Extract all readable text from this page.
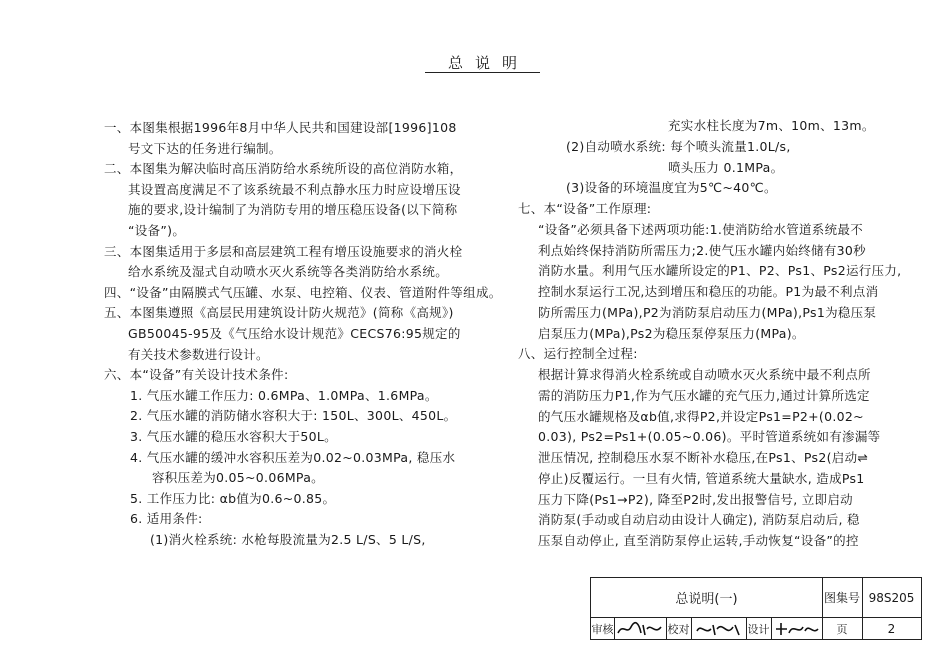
总说明
一、本图集根据1996年8月中华人民共和国建设部[1996]108
号文下达的任务进行编制。
二、本图集为解决临时高压消防给水系统所设的高位消防水箱，
其设置高度满足不了该系统最不利点静水压力时应设增压设
施的要求,设计编制了为消防专用的增压稳压设备(以下简称
“设备”)。
三、本图集适用于多层和高层建筑工程有增压设施要求的消火栓
给水系统及湿式自动喷水灭火系统等各类消防给水系统。
四、“设备”由隔膜式气压罐、水泵、电控箱、仪表、管道附件等组成。
五、本图集遵照《高层民用建筑设计防火规范》(简称《高规》)
GB50045-95及《气压给水设计规范》CECS76:95规定的
有关技术参数进行设计。
六、本“设备”有关设计技术条件:
1. 气压水罐工作压力: 0.6MPa、1.0MPa、1.6MPa。
2. 气压水罐的消防储水容积大于: 150L、300L、450L。
3. 气压水罐的稳压水容积大于50L。
4. 气压水罐的缓冲水容积压差为0.02~0.03MPa, 稳压水
容积压差为0.05~0.06MPa。
5. 工作压力比: αb值为0.6~0.85。
6. 适用条件:
(1)消火栓系统: 水枪每股流量为2.5 L/S、5 L/S,
充实水柱长度为7m、10m、13m。
(2)自动喷水系统: 每个喷头流量1.0L/s,
喷头压力 0.1MPa。
(3)设备的环境温度宜为5℃~40℃。
七、本“设备”工作原理:
“设备”必须具备下述两项功能:1.使消防给水管道系统最不
利点始终保持消防所需压力;2.使气压水罐内始终储有30秒
消防水量。利用气压水罐所设定的P1、P2、Ps1、Ps2运行压力,
控制水泵运行工况,达到增压和稳压的功能。P1为最不利点消
防所需压力(MPa),P2为消防泵启动压力(MPa),Ps1为稳压泵
启泵压力(MPa),Ps2为稳压泵停泵压力(MPa)。
八、运行控制全过程:
根据计算求得消火栓系统或自动喷水灭火系统中最不利点所
需的消防压力P1,作为气压水罐的充气压力,通过计算所选定
的气压水罐规格及αb值,求得P2,并设定Ps1=P2+(0.02~
0.03), Ps2=Ps1+(0.05~0.06)。平时管道系统如有渗漏等
泄压情况, 控制稳压水泵不断补水稳压,在Ps1、Ps2(启动⇌
停止)反覆运行。一旦有火情, 管道系统大量缺水, 造成Ps1
压力下降(Ps1→P2), 降至P2时,发出报警信号, 立即启动
消防泵(手动或自动启动由设计人确定), 消防泵启动后, 稳
压泵自动停止, 直至消防泵停止运转,手动恢复“设备”的控
总说明(一)	图集号 98S205
审核	校对	设计	页	2
